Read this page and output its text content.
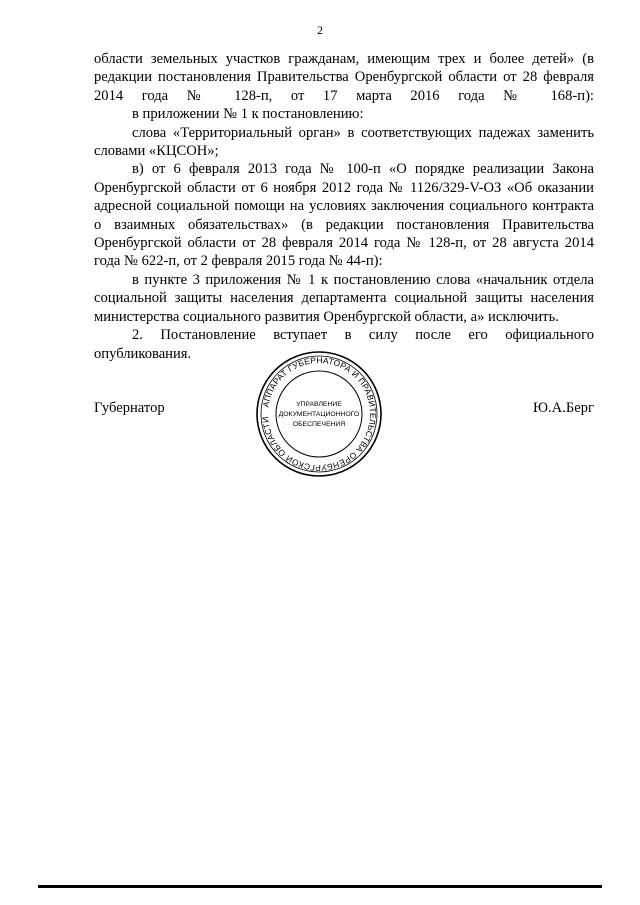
2

области земельных участков гражданам, имеющим трех и более детей» (в редакции постановления Правительства Оренбургской области от 28 февраля 2014 года № 128-п, от 17 марта 2016 года № 168-п):

в приложении № 1 к постановлению:

слова «Территориальный орган» в соответствующих падежах заменить словами «КЦСОН»;

в) от 6 февраля 2013 года № 100-п «О порядке реализации Закона Оренбургской области от 6 ноября 2012 года № 1126/329-V-ОЗ «Об оказании адресной социальной помощи на условиях заключения социального контракта о взаимных обязательствах» (в редакции постановления Правительства Оренбургской области от 28 февраля 2014 года № 128-п, от 28 августа 2014 года № 622-п, от 2 февраля 2015 года № 44-п):

в пункте 3 приложения № 1 к постановлению слова «начальник отдела социальной защиты населения департамента социальной защиты населения министерства социального развития Оренбургской области, а» исключить.

2. Постановление вступает в силу после его официального опубликования.

Губернатор	Ю.А.Берг
АППАРАТ ГУБЕРНАТОРА И ПРАВИТЕЛЬСТВА ОРЕНБУРГСКОЙ ОБЛАСТИ
УПРАВЛЕНИЕ
ДОКУМЕНТАЦИОННОГО
ОБЕСПЕЧЕНИЯ
